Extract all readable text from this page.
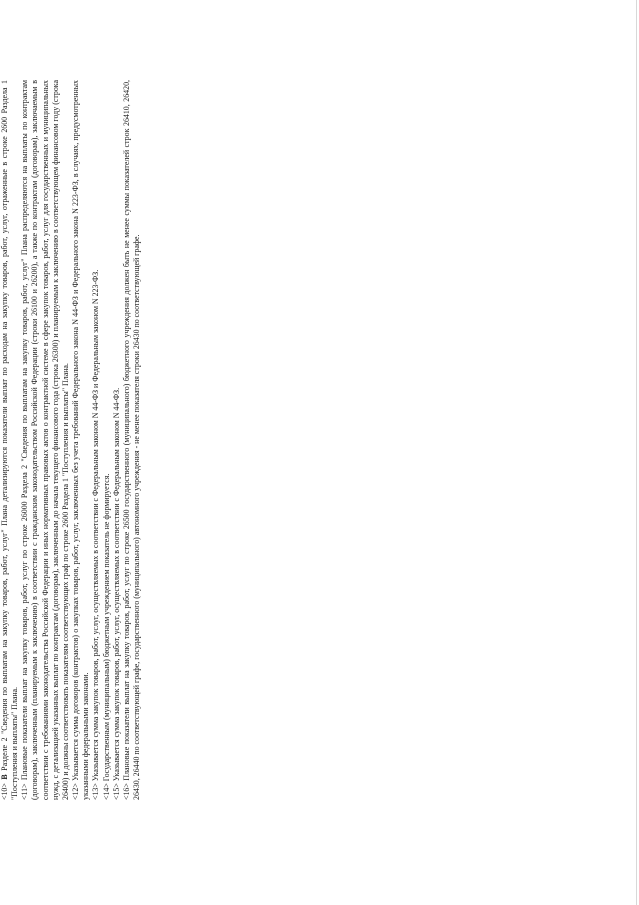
<10> В Разделе 2 "Сведения по выплатам на закупку товаров, работ, услуг" Плана детализируются показатели выплат по расходам на закупку товаров, работ, услуг, отраженные в строке 2600 Раздела 1 "Поступления и выплаты" Плана. <11> Плановые показатели выплат на закупку товаров, работ, услуг по строке 26000 Раздела 2 "Сведения по выплатам на закупку товаров, работ, услуг" Плана распределяются на выплаты по контрактам (договорам), заключенным (планируемым к заключению) в соответствии с гражданским законодательством Российской Федерации (строки 26100 и 26200), а также по контрактам (договорам), заключаемым в соответствии с требованиями законодательства Российской Федерации и иных нормативных правовых актов о контрактной системе в сфере закупок товаров, работ, услуг для государственных и муниципальных нужд, с детализацией указанных выплат по контрактам (договорам), заключенным до начала текущего финансового года (строка 26300) и планируемым к заключению в соответствующем финансовом году (строка 26400) и должны соответствовать показателям соответствующих граф по строке 2600 Раздела 1 "Поступления и выплаты" Плана. <12> Указывается сумма договоров (контрактов) о закупках товаров, работ, услуг, заключенных без учета требований Федерального закона N 44-ФЗ и Федерального закона N 223-ФЗ, в случаях, предусмотренных указанными федеральными законами. <13> Указывается сумма закупок товаров, работ, услуг, осуществляемых в соответствии с Федеральным законом N 44-ФЗ и Федеральным законом N 223-ФЗ.

<14> Государственным (муниципальным) бюджетным учреждением показатель не формируется.

<15> Указывается сумма закупок товаров, работ, услуг, осуществляемых в соответствии с Федеральным законом N 44-ФЗ.

<16> Плановые показатели выплат на закупку товаров, работ, услуг по строке 26500 государственного (муниципального) бюджетного учреждения должен быть не менее суммы показателей строк 26410, 26420, 26430, 26440 по соответствующей графе, государственного (муниципального) автономного учреждения - не менее показателя строки 26430 по соответствующей графе.
